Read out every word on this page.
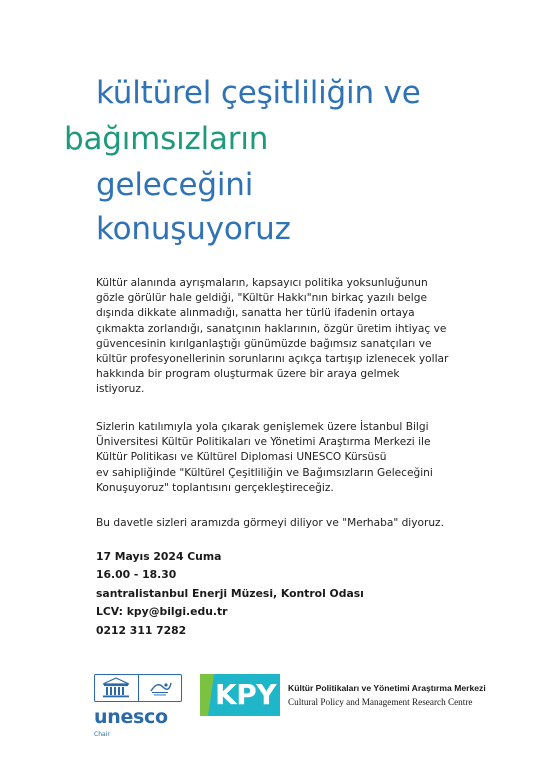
kültürel çeşitliliğin ve
bağımsızların
geleceğini
konuşuyoruz
Kültür alanında ayrışmaların, kapsayıcı politika yoksunluğunun
gözle görülür hale geldiği, "Kültür Hakkı"nın birkaç yazılı belge
dışında dikkate alınmadığı, sanatta her türlü ifadenin ortaya
çıkmakta zorlandığı, sanatçının haklarının, özgür üretim ihtiyaç ve
güvencesinin kırılganlaştığı günümüzde bağımsız sanatçıları ve
kültür profesyonellerinin sorunlarını açıkça tartışıp izlenecek yollar
hakkında bir program oluşturmak üzere bir araya gelmek
istiyoruz.
Sizlerin katılımıyla yola çıkarak genişlemek üzere İstanbul Bilgi
Üniversitesi Kültür Politikaları ve Yönetimi Araştırma Merkezi ile
Kültür Politikası ve Kültürel Diplomasi UNESCO Kürsüsü
ev sahipliğinde "Kültürel Çeşitliliğin ve Bağımsızların Geleceğini
Konuşuyoruz" toplantısını gerçekleştireceğiz.
Bu davetle sizleri aramızda görmeyi diliyor ve "Merhaba" diyoruz.
17 Mayıs 2024 Cuma
16.00 - 18.30
santralistanbul Enerji Müzesi, Kontrol Odası
LCV: kpy@bilgi.edu.tr
0212 311 7282
unesco
Chair
KPY Kültür Politikaları ve Yönetimi Araştırma Merkezi
Cultural Policy and Management Research Centre
